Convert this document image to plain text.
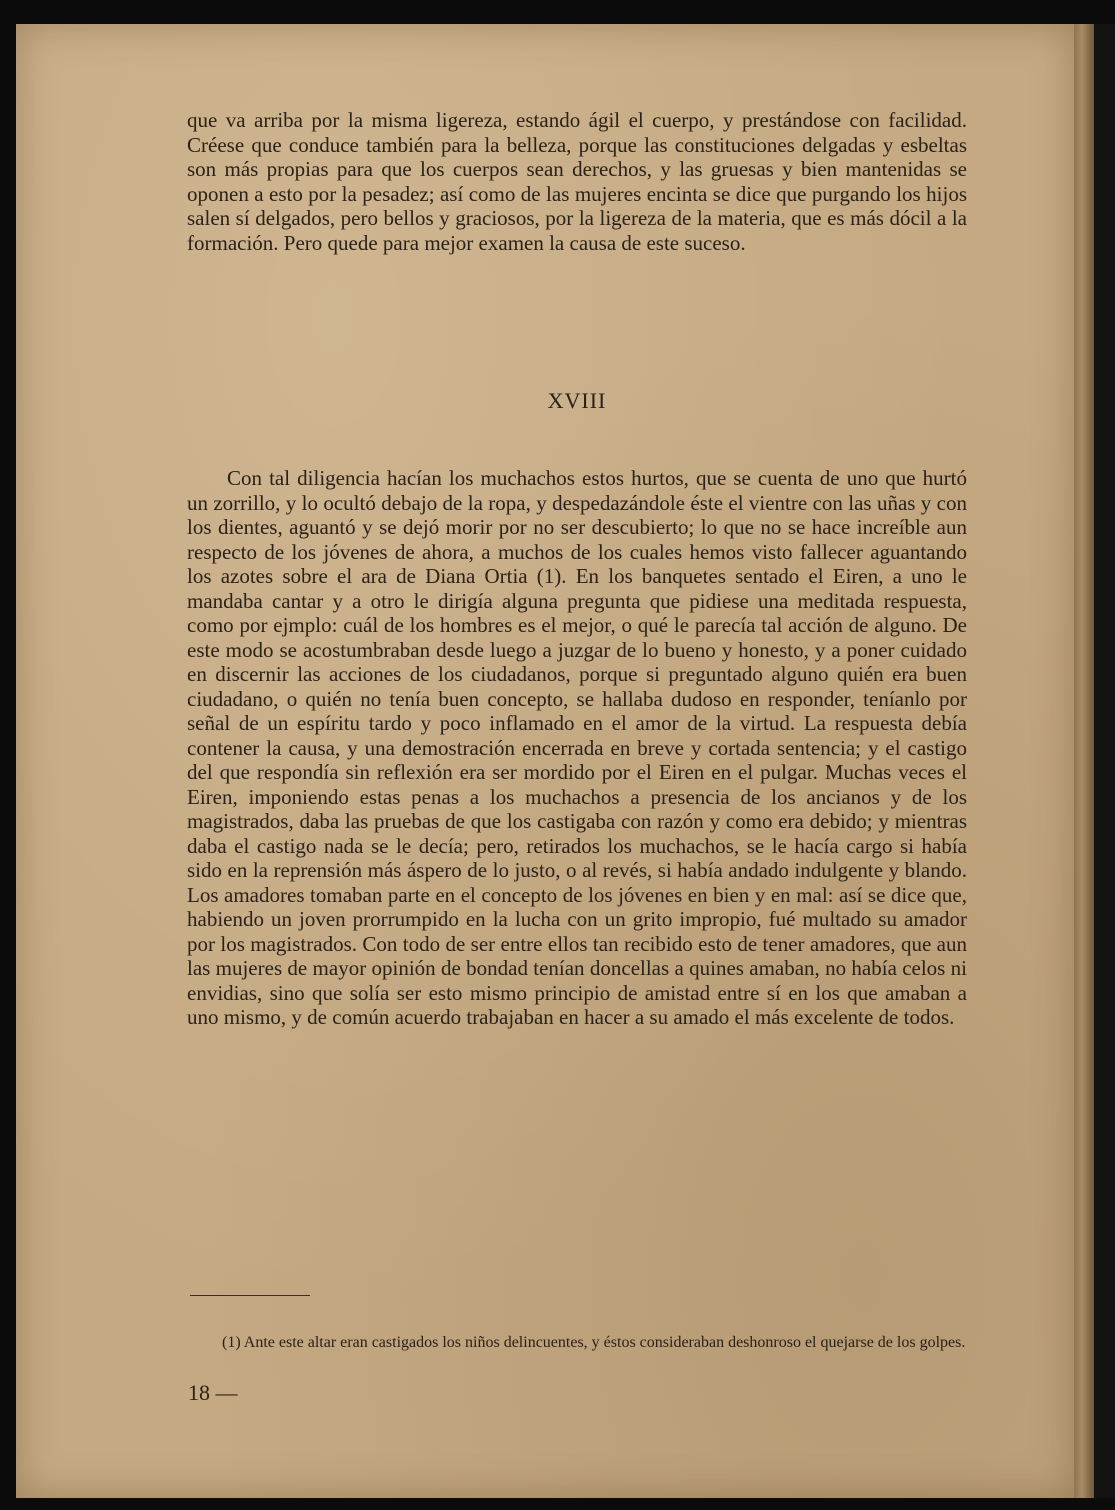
que va arriba por la misma ligereza, estando ágil el cuerpo, y prestándose con facilidad. Créese que conduce también para la belleza, porque las constituciones delgadas y esbeltas son más propias para que los cuerpos sean derechos, y las gruesas y bien mantenidas se oponen a esto por la pesadez; así como de las mujeres encinta se dice que purgando los hijos salen sí delgados, pero bellos y graciosos, por la ligereza de la materia, que es más dócil a la formación. Pero quede para mejor examen la causa de este suceso.

XVIII

Con tal diligencia hacían los muchachos estos hurtos, que se cuenta de uno que hurtó un zorrillo, y lo ocultó debajo de la ropa, y despedazándole éste el vientre con las uñas y con los dientes, aguantó y se dejó morir por no ser descubierto; lo que no se hace increíble aun respecto de los jóvenes de ahora, a muchos de los cuales hemos visto fallecer aguantando los azotes sobre el ara de Diana Ortia (1). En los banquetes sentado el Eiren, a uno le mandaba cantar y a otro le dirigía alguna pregunta que pidiese una meditada respuesta, como por ejmplo: cuál de los hombres es el mejor, o qué le parecía tal acción de alguno. De este modo se acostumbraban desde luego a juzgar de lo bueno y honesto, y a poner cuidado en discernir las acciones de los ciudadanos, porque si preguntado alguno quién era buen ciudadano, o quién no tenía buen concepto, se hallaba dudoso en responder, teníanlo por señal de un espíritu tardo y poco inflamado en el amor de la virtud. La respuesta debía contener la causa, y una demostración encerrada en breve y cortada sentencia; y el castigo del que respondía sin reflexión era ser mordido por el Eiren en el pulgar. Muchas veces el Eiren, imponiendo estas penas a los muchachos a presencia de los ancianos y de los magistrados, daba las pruebas de que los castigaba con razón y como era debido; y mientras daba el castigo nada se le decía; pero, retirados los muchachos, se le hacía cargo si había sido en la reprensión más áspero de lo justo, o al revés, si había andado indulgente y blando. Los amadores tomaban parte en el concepto de los jóvenes en bien y en mal: así se dice que, habiendo un joven prorrumpido en la lucha con un grito impropio, fué multado su amador por los magistrados. Con todo de ser entre ellos tan recibido esto de tener amadores, que aun las mujeres de mayor opinión de bondad tenían doncellas a quines amaban, no había celos ni envidias, sino que solía ser esto mismo principio de amistad entre sí en los que amaban a uno mismo, y de común acuerdo trabajaban en hacer a su amado el más excelente de todos.

(1) Ante este altar eran castigados los niños delincuentes, y éstos consideraban deshonroso el quejarse de los golpes.

18 —
